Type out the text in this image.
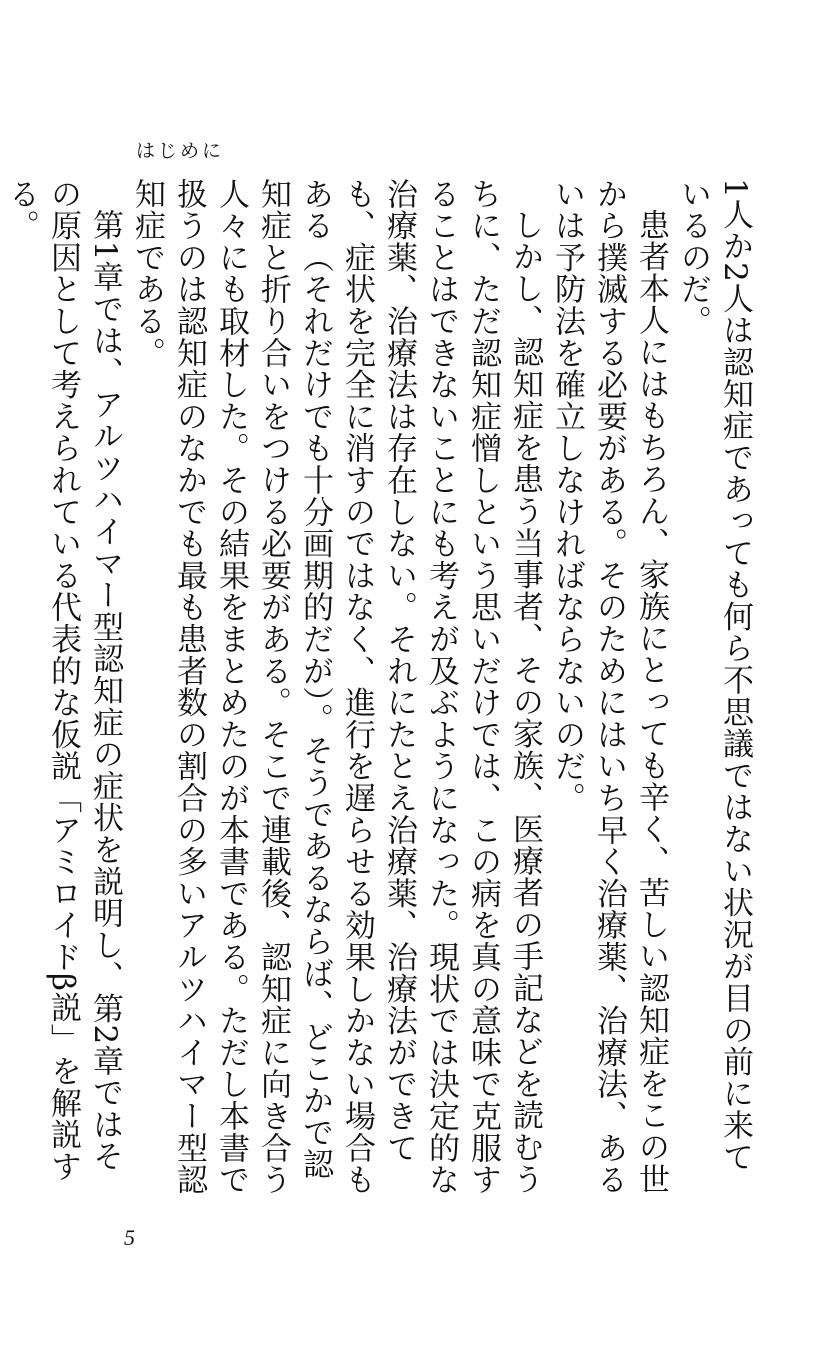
はじめに

1人か2人は認知症であっても何ら不思議ではない状況が目の前に来ているのだ。

患者本人にはもちろん、家族にとっても辛く、苦しい認知症をこの世から撲滅する必要がある。そのためにはいち早く治療薬、治療法、あるいは予防法を確立しなければならないのだ。

しかし、認知症を患う当事者、その家族、医療者の手記などを読むうちに、ただ認知症憎しという思いだけでは、この病を真の意味で克服することはできないことにも考えが及ぶようになった。現状では決定的な治療薬、治療法は存在しない。それにたとえ治療薬、治療法ができても、症状を完全に消すのではなく、進行を遅らせる効果しかない場合もある（それだけでも十分画期的だが）。そうであるならば、どこかで認知症と折り合いをつける必要がある。そこで連載後、認知症に向き合う人々にも取材した。その結果をまとめたのが本書である。ただし本書で扱うのは認知症のなかでも最も患者数の割合の多いアルツハイマー型認知症である。

第1章では、アルツハイマー型認知症の症状を説明し、第2章ではその原因として考えられている代表的な仮説「アミロイドβ説」を解説する。

5
